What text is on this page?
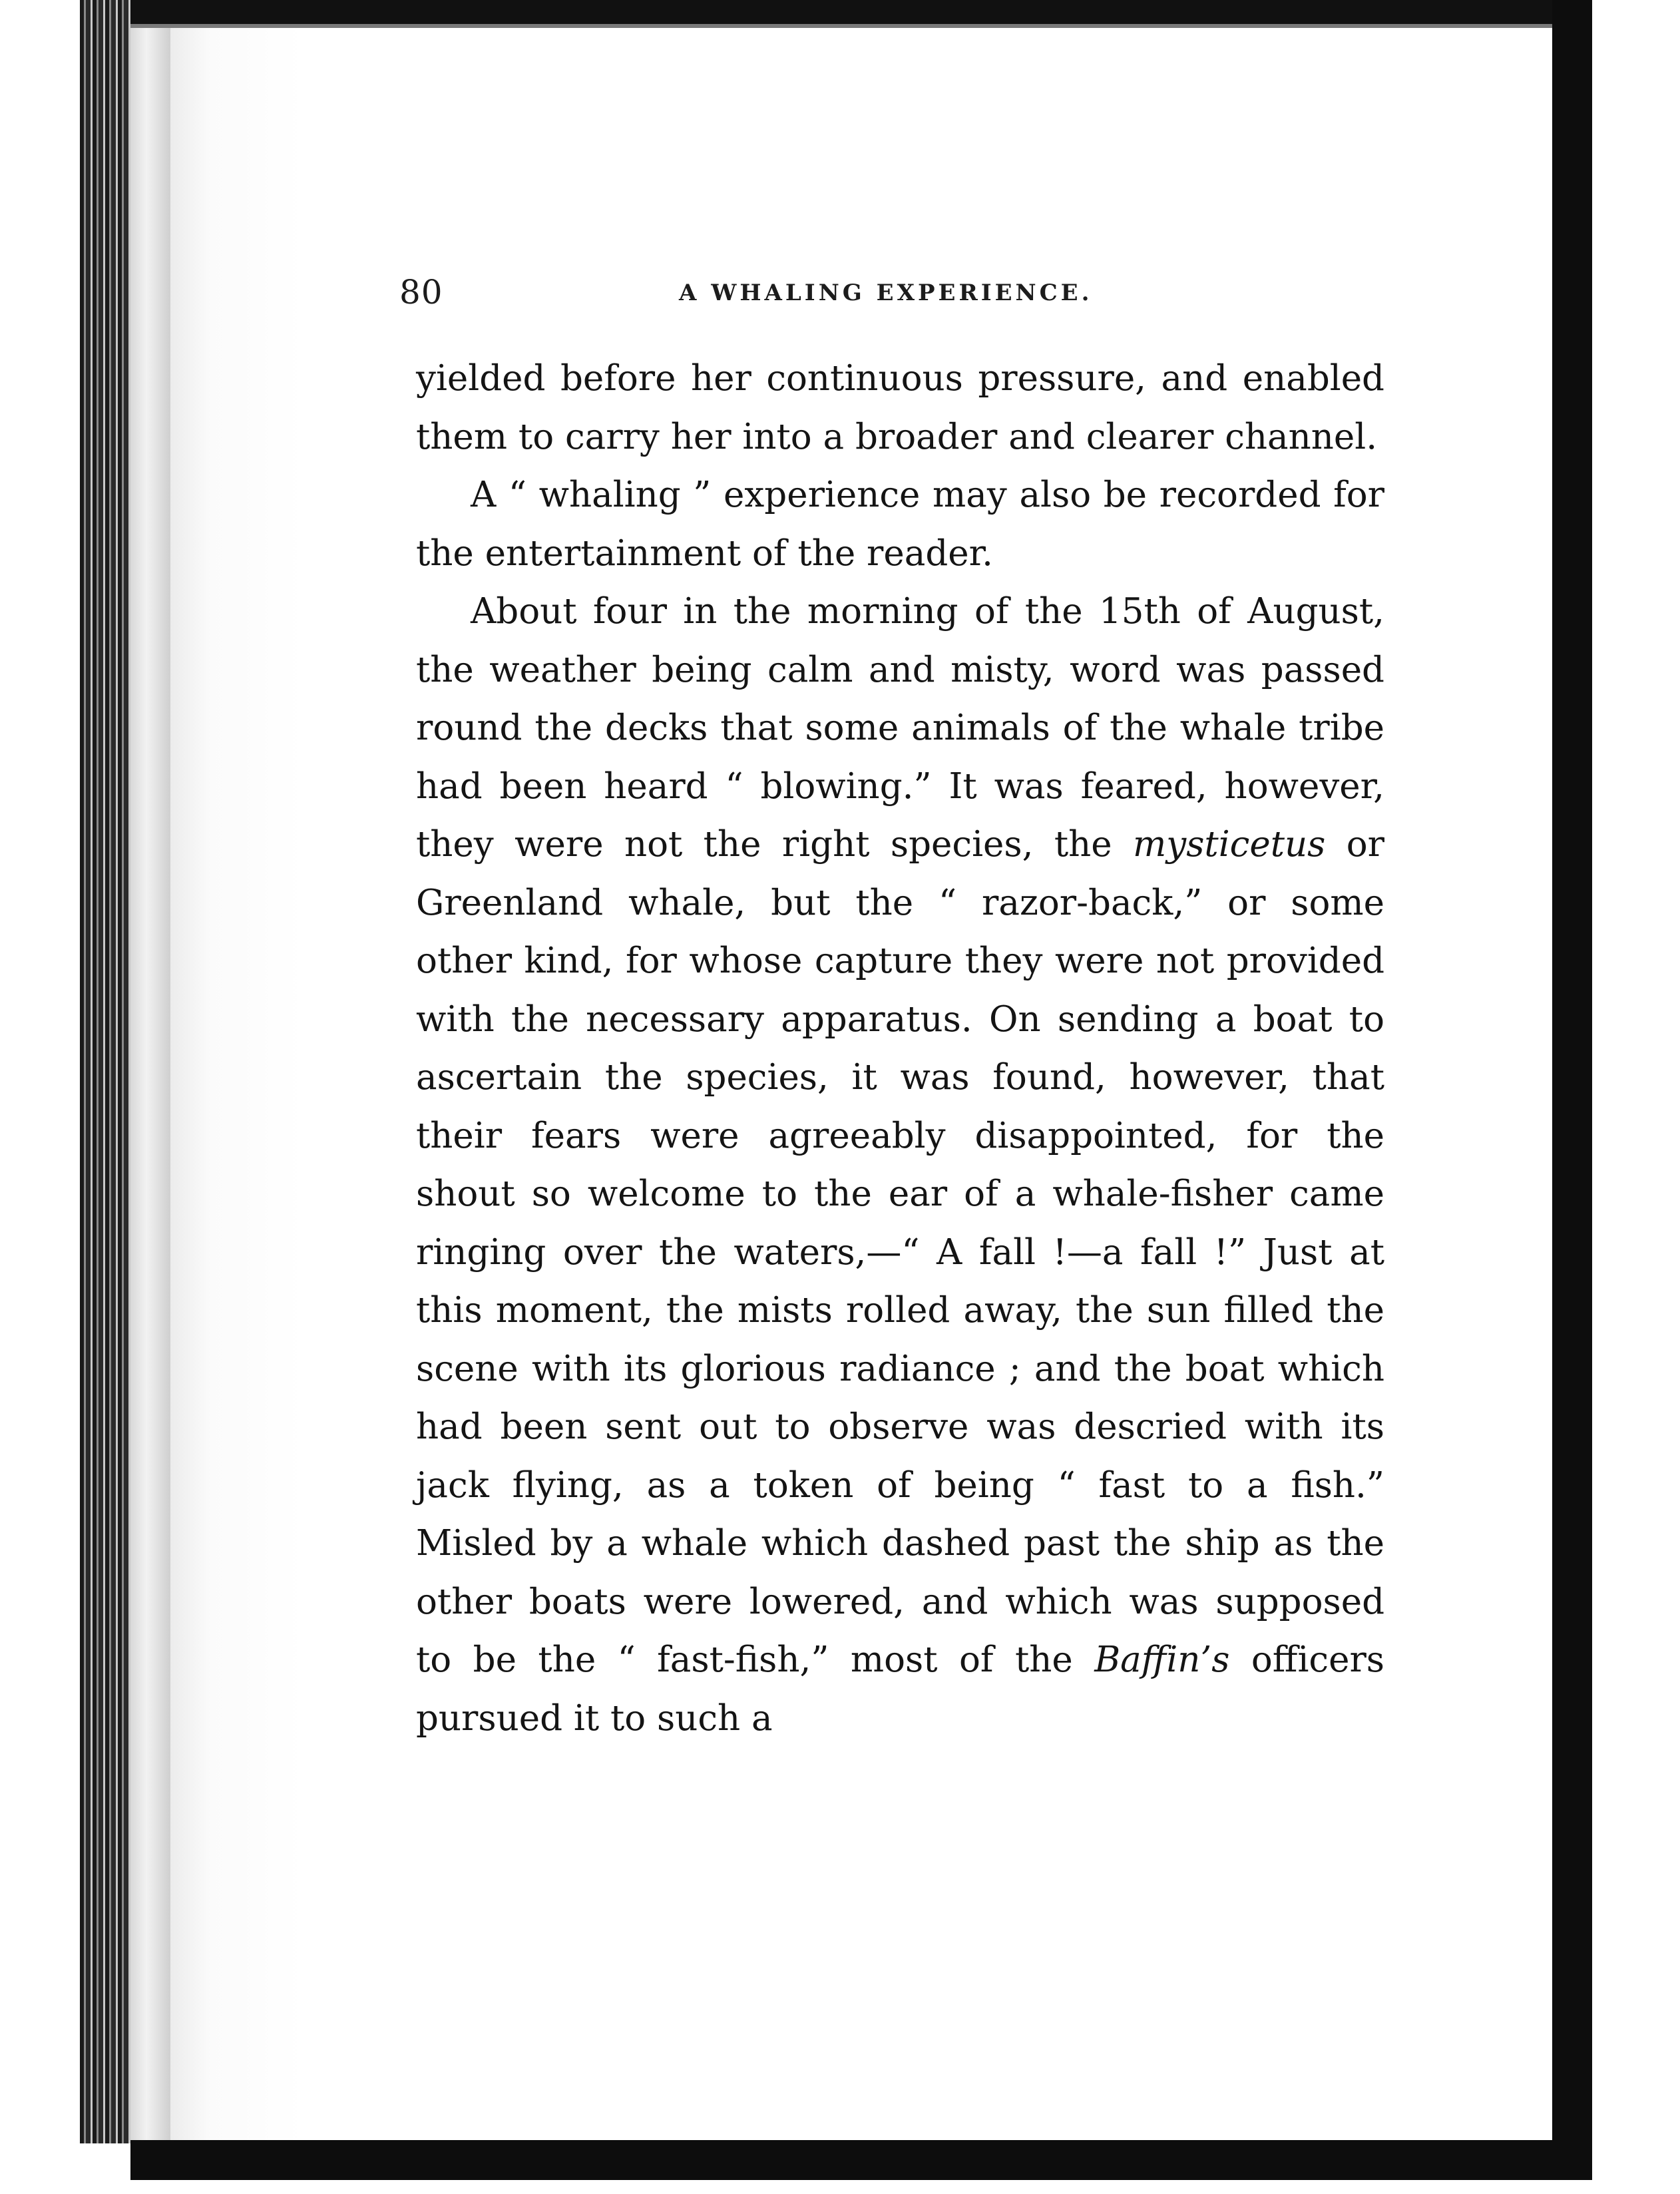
80	A WHALING EXPERIENCE.

yielded before her continuous pressure, and enabled them to carry her into a broader and clearer channel.

A “ whaling ” experience may also be recorded for the entertainment of the reader.

About four in the morning of the 15th of August, the weather being calm and misty, word was passed round the decks that some animals of the whale tribe had been heard “ blowing.” It was feared, however, they were not the right species, the mysticetus or Greenland whale, but the “ razor-back,” or some other kind, for whose capture they were not provided with the necessary apparatus. On sending a boat to ascertain the species, it was found, however, that their fears were agreeably disappointed, for the shout so welcome to the ear of a whale-fisher came ringing over the waters,—“ A fall !—a fall !” Just at this moment, the mists rolled away, the sun filled the scene with its glorious radiance ; and the boat which had been sent out to observe was descried with its jack flying, as a token of being “ fast to a fish.” Misled by a whale which dashed past the ship as the other boats were lowered, and which was supposed to be the “ fast-fish,” most of the Baffin’s officers pursued it to such a
